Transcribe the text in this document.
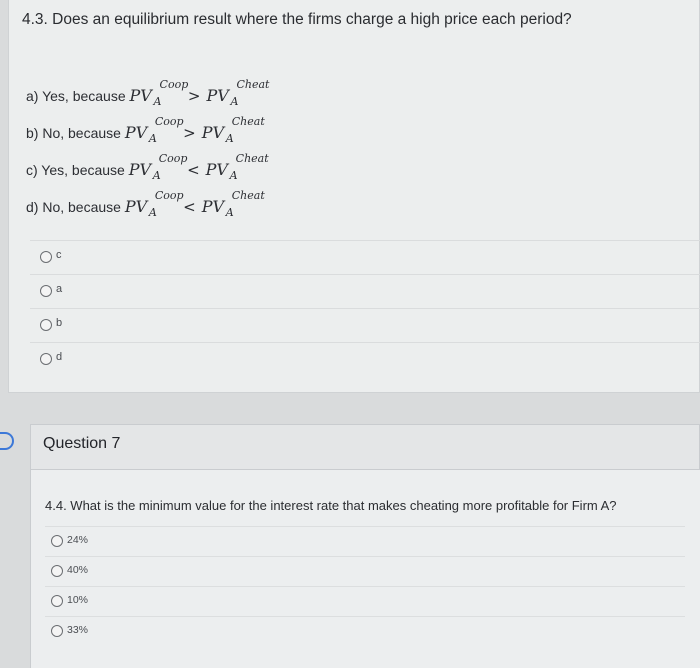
4.3. Does an equilibrium result where the firms charge a high price each period?
a) Yes, because PV
Coop
A > PV
Cheat
A
b) No, because PV
Coop
A > PV
Cheat
A
c) Yes, because PV
Coop
A < PV
Cheat
A
d) No, because PV
Coop
A < PV
Cheat
A
c
a
b
d
Question 7
4.4. What is the minimum value for the interest rate that makes cheating more profitable for Firm A?
24%
40%
10%
33%
